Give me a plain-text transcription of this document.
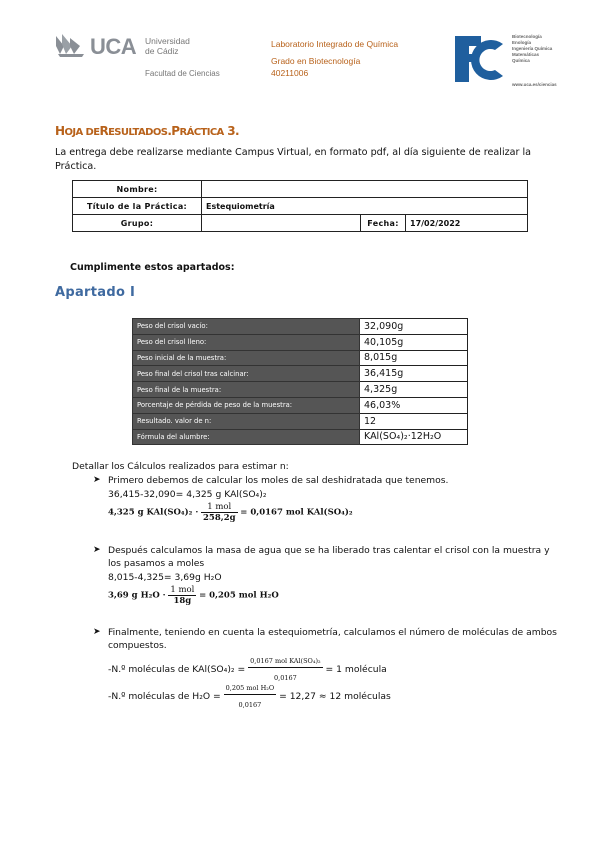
UCA Universidad
de Cádiz
Facultad de Ciencias
Laboratorio Integrado de Química
Grado en Biotecnología
40211006
Biotecnología
Enología
Ingeniería Química
Matemáticas
Química
www.uca.es/ciencias
HOJA DERESULTADOS.PRÁCTICA 3.
La entrega debe realizarse mediante Campus Virtual, en formato pdf, al día siguiente de realizar la Práctica.
Nombre:			
Título de la Práctica:	Estequiometría		
Grupo:		Fecha:	17/02/2022
Cumplimente estos apartados:
Apartado I
Peso del crisol vacío:	32,090g
Peso del crisol lleno:	40,105g
Peso inicial de la muestra:	8,015g
Peso final del crisol tras calcinar:	36,415g
Peso final de la muestra:	4,325g
Porcentaje de pérdida de peso de la muestra:	46,03%
Resultado. valor de n:	12
Fórmula del alumbre:	KAl(SO₄)₂·12H₂O
Detallar los Cálculos realizados para estimar n:
➤ Primero debemos de calcular los moles de sal deshidratada que tenemos.
36,415-32,090= 4,325 g KAl(SO₄)₂
4,325 g $KAl(SO_4)_2 \cdot \frac{\text{1 mol}}{258,2g} = 0,0167$ mol KAl(SO₄)₂
➤ Después calculamos la masa de agua que se ha liberado tras calentar el crisol con la muestra y
los pasamos a moles
8,015-4,325= 3,69g H₂O
3,69 g $H_2O \cdot \frac{\text{1 mol}}{18g} = 0,205$ mol H₂O
➤ Finalmente, teniendo en cuenta la estequiometría, calculamos el número de moléculas de ambos
compuestos.
-N.º moléculas de $KAl(SO_4)_2 = \frac{\text{0,0167 mol KAl(SO₄)₂}}{0,0167} = 1$ molécula
-N.º moléculas de $H_2O = \frac{\text{0,205 mol H₂O}}{0,0167} = 12,27 \approx 12$ moléculas
